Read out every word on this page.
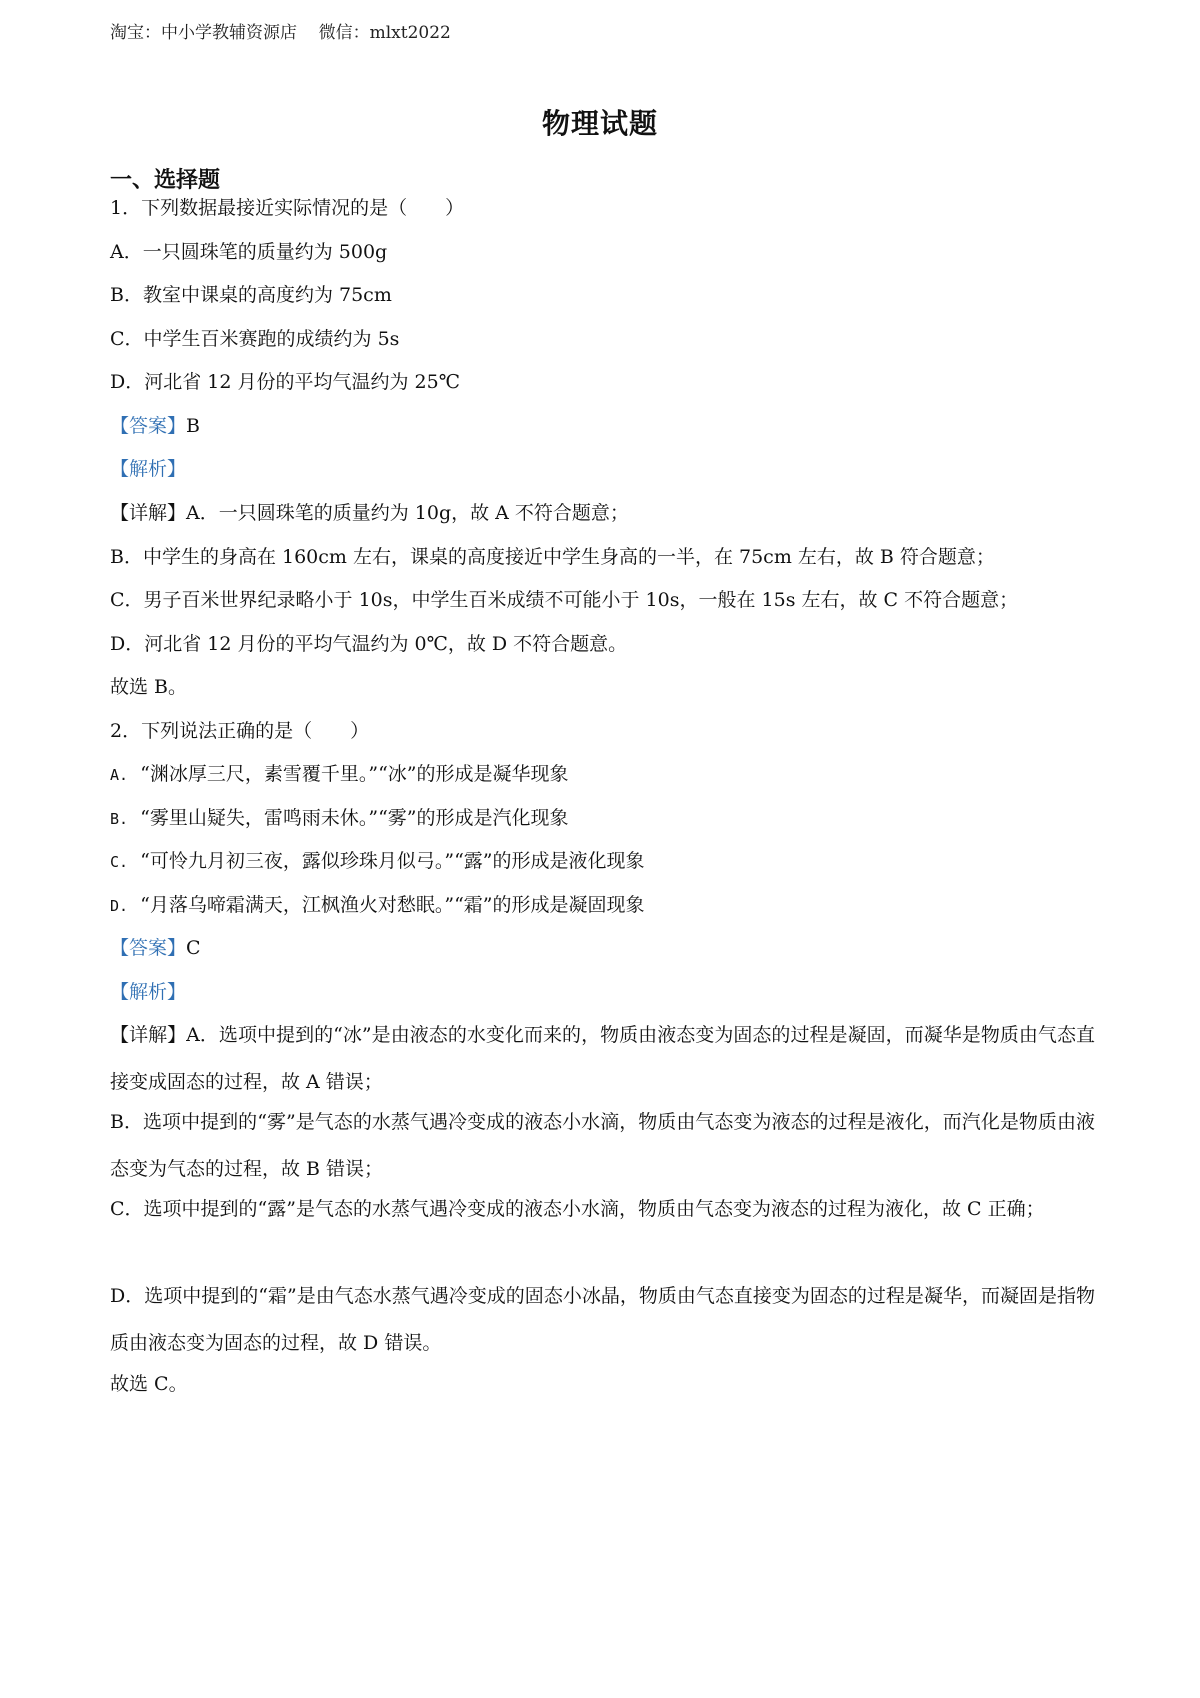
淘宝：中小学教辅资源店    微信：mlxt2022
物理试题
一、选择题
1．下列数据最接近实际情况的是（　　）
A．一只圆珠笔的质量约为 500g
B．教室中课桌的高度约为 75cm
C．中学生百米赛跑的成绩约为 5s
D．河北省 12 月份的平均气温约为 25℃
【答案】B
【解析】
【详解】A．一只圆珠笔的质量约为 10g，故 A 不符合题意；
B．中学生的身高在 160cm 左右，课桌的高度接近中学生身高的一半，在 75cm 左右，故 B 符合题意；
C．男子百米世界纪录略小于 10s，中学生百米成绩不可能小于 10s，一般在 15s 左右，故 C 不符合题意；
D．河北省 12 月份的平均气温约为 0℃，故 D 不符合题意。
故选 B。
2．下列说法正确的是（　　）
A. “渊冰厚三尺，素雪覆千里。”“冰”的形成是凝华现象
B. “雾里山疑失，雷鸣雨未休。”“雾”的形成是汽化现象
C. “可怜九月初三夜，露似珍珠月似弓。”“露”的形成是液化现象
D. “月落乌啼霜满天，江枫渔火对愁眠。”“霜”的形成是凝固现象
【答案】C
【解析】
【详解】A．选项中提到的“冰”是由液态的水变化而来的，物质由液态变为固态的过程是凝固，而凝华是物质由气态直接变成固态的过程，故 A 错误；
B．选项中提到的“雾”是气态的水蒸气遇冷变成的液态小水滴，物质由气态变为液态的过程是液化，而汽化是物质由液态变为气态的过程，故 B 错误；
C．选项中提到的“露”是气态的水蒸气遇冷变成的液态小水滴，物质由气态变为液态的过程为液化，故 C 正确；
D．选项中提到的“霜”是由气态水蒸气遇冷变成的固态小冰晶，物质由气态直接变为固态的过程是凝华，而凝固是指物质由液态变为固态的过程，故 D 错误。
故选 C。
